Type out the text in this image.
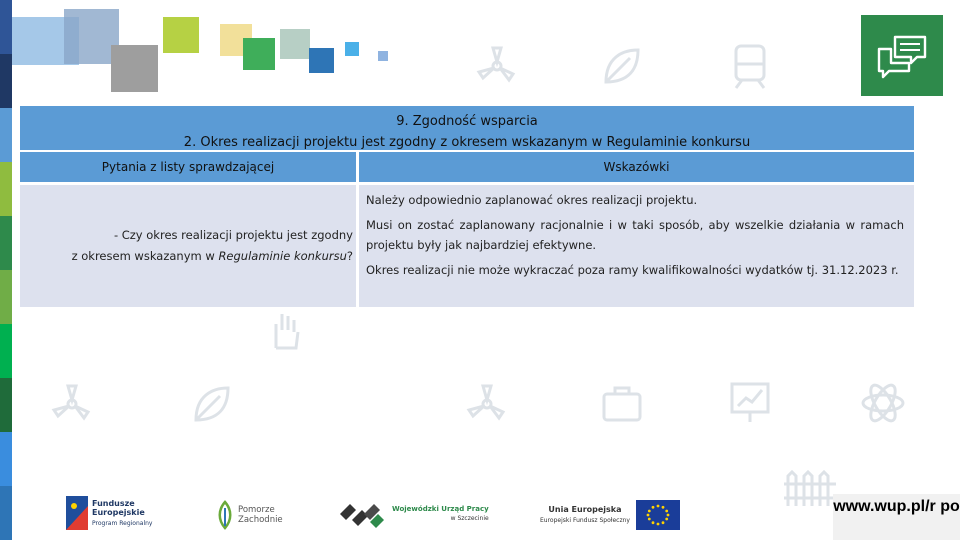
9. Zgodność wsparcia
2. Okres realizacji projektu jest zgodny z okresem wskazanym w Regulaminie konkursu
Pytania z listy sprawdzającej	Wskazówki
- Czy okres realizacji projektu jest zgodny
z okresem wskazanym w Regulaminie konkursu?

Należy odpowiednio zaplanować okres realizacji projektu.

Musi on zostać zaplanowany racjonalnie i w taki sposób, aby wszelkie działania w ramach projektu były jak najbardziej efektywne.

Okres realizacji nie może wykraczać poza ramy kwalifikowalności wydatków tj. 31.12.2023 r.

Fundusze
Europejskie
Program Regionalny
Pomorze
Zachodnie
Wojewódzki Urząd Pracy
w Szczecinie
Unia Europejska
Europejski Fundusz Społeczny
www.wup.pl/r po
